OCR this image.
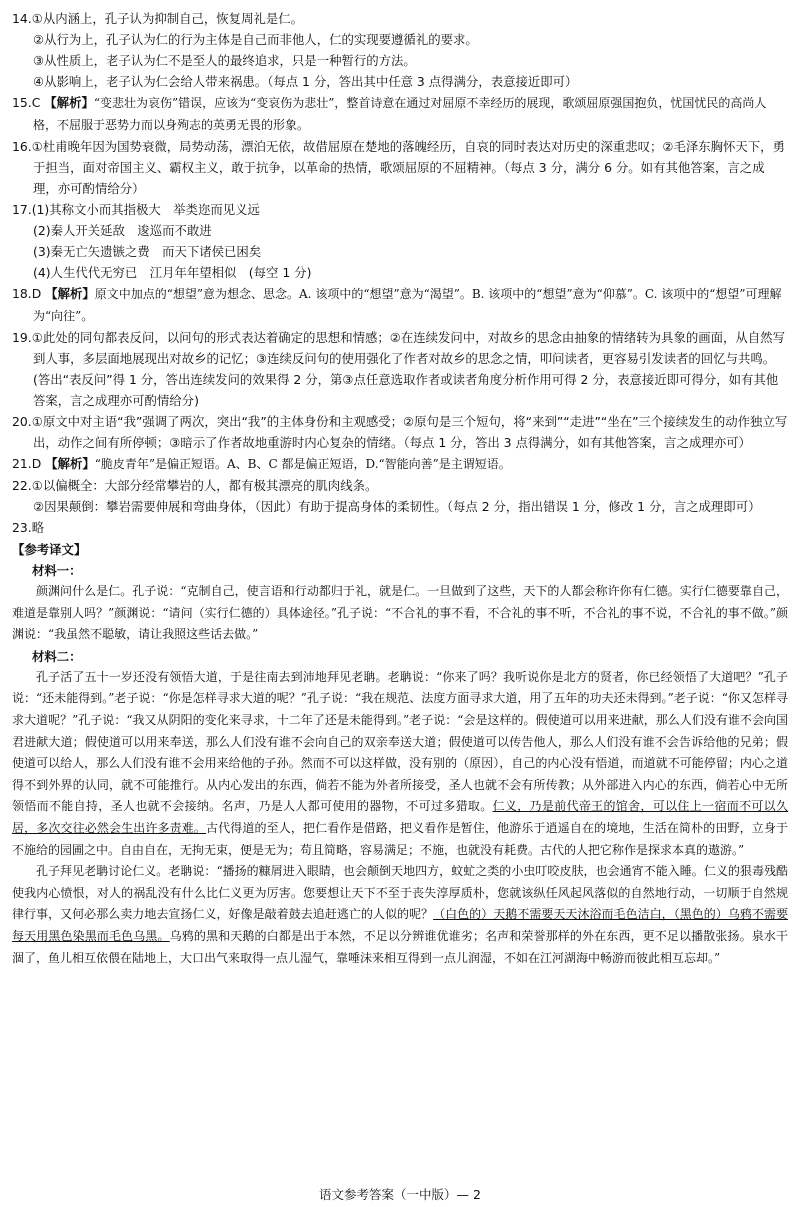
14.①从内涵上，孔子认为抑制自己，恢复周礼是仁。

②从行为上，孔子认为仁的行为主体是自己而非他人，仁的实现要遵循礼的要求。

③从性质上，老子认为仁不是至人的最终追求，只是一种暂行的方法。

④从影响上，老子认为仁会给人带来祸患。（每点 1 分，答出其中任意 3 点得满分，表意接近即可）

15.C 【解析】“变悲壮为哀伤”错误，应该为“变哀伤为悲壮”，整首诗意在通过对屈原不幸经历的展现，歌颂屈原强国抱负，忧国忧民的高尚人格，不屈服于恶势力而以身殉志的英勇无畏的形象。

16.①杜甫晚年因为国势衰微，局势动荡，漂泊无依，故借屈原在楚地的落魄经历，自哀的同时表达对历史的深重悲叹；②毛泽东胸怀天下，勇于担当，面对帝国主义、霸权主义，敢于抗争，以革命的热情，歌颂屈原的不屈精神。（每点 3 分，满分 6 分。如有其他答案，言之成理，亦可酌情给分）

17.(1)其称文小而其指极大　举类迩而见义远

(2)秦人开关延敌　逡巡而不敢进

(3)秦无亡矢遗镞之费　而天下诸侯已困矣

(4)人生代代无穷已　江月年年望相似　(每空 1 分)

18.D 【解析】原文中加点的“想望”意为想念、思念。A. 该项中的“想望”意为“渴望”。B. 该项中的“想望”意为“仰慕”。C. 该项中的“想望”可理解为“向往”。

19.①此处的同句都表反问，以问句的形式表达着确定的思想和情感；②在连续发问中，对故乡的思念由抽象的情绪转为具象的画面，从自然写到人事，多层面地展现出对故乡的记忆；③连续反问句的使用强化了作者对故乡的思念之情，叩问读者，更容易引发读者的回忆与共鸣。(答出“表反问”得 1 分，答出连续发问的效果得 2 分，第③点任意选取作者或读者角度分析作用可得 2 分，表意接近即可得分，如有其他答案，言之成理亦可酌情给分)

20.①原文中对主语“我”强调了两次，突出“我”的主体身份和主观感受；②原句是三个短句，将“来到”“走进”“坐在”三个接续发生的动作独立写出，动作之间有所停顿；③暗示了作者故地重游时内心复杂的情绪。（每点 1 分，答出 3 点得满分，如有其他答案，言之成理亦可）

21.D 【解析】“脆皮青年”是偏正短语。A、B、C 都是偏正短语，D.“智能向善”是主谓短语。

22.①以偏概全：大部分经常攀岩的人，都有极其漂亮的肌肉线条。

②因果颠倒：攀岩需要伸展和弯曲身体，（因此）有助于提高身体的柔韧性。（每点 2 分，指出错误 1 分，修改 1 分，言之成理即可）

23.略

【参考译文】

材料一：

颜渊问什么是仁。孔子说：“克制自己，使言语和行动都归于礼，就是仁。一旦做到了这些，天下的人都会称许你有仁德。实行仁德要靠自己，难道是靠别人吗？”颜渊说：“请问（实行仁德的）具体途径。”孔子说：“不合礼的事不看，不合礼的事不听，不合礼的事不说，不合礼的事不做。”颜渊说：“我虽然不聪敏，请让我照这些话去做。”

材料二：

孔子活了五十一岁还没有领悟大道，于是往南去到沛地拜见老聃。老聃说：“你来了吗？我听说你是北方的贤者，你已经领悟了大道吧？”孔子说：“还未能得到。”老子说：“你是怎样寻求大道的呢？”孔子说：“我在规范、法度方面寻求大道，用了五年的功夫还未得到。”老子说：“你又怎样寻求大道呢？”孔子说：“我又从阴阳的变化来寻求，十二年了还是未能得到。”老子说：“会是这样的。假使道可以用来进献，那么人们没有谁不会向国君进献大道；假使道可以用来奉送，那么人们没有谁不会向自己的双亲奉送大道；假使道可以传告他人，那么人们没有谁不会告诉给他的兄弟；假使道可以给人，那么人们没有谁不会用来给他的子孙。然而不可以这样做，没有别的（原因），自己的内心没有悟道，而道就不可能停留；内心之道得不到外界的认同，就不可能推行。从内心发出的东西，倘若不能为外者所接受，圣人也就不会有所传教；从外部进入内心的东西，倘若心中无所领悟而不能自持，圣人也就不会接纳。名声，乃是人人都可使用的器物，不可过多猎取。仁义，乃是前代帝王的馆舍，可以住上一宿而不可以久居，多次交往必然会生出许多责难。古代得道的至人，把仁看作是借路，把义看作是暂住，他游乐于逍遥自在的境地，生活在简朴的田野，立身于不施给的园圃之中。自由自在，无拘无束，便是无为；苟且简略，容易满足；不施，也就没有耗费。古代的人把它称作是探求本真的遨游。”

孔子拜见老聃讨论仁义。老聃说：“播扬的糠屑进入眼睛，也会颠倒天地四方，蚊虻之类的小虫叮咬皮肤，也会通宵不能入睡。仁义的狠毒残酷使我内心愤恨，对人的祸乱没有什么比仁义更为厉害。您要想让天下不至于丧失淳厚质朴，您就该纵任风起风落似的自然地行动，一切顺于自然规律行事，又何必那么卖力地去宣扬仁义，好像是敲着鼓去追赶逃亡的人似的呢？（白色的）天鹅不需要天天沐浴而毛色洁白，（黑色的）乌鸦不需要每天用黑色染黑而毛色乌黑。乌鸦的黑和天鹅的白都是出于本然，不足以分辨谁优谁劣；名声和荣誉那样的外在东西，更不足以播散张扬。泉水干涸了，鱼儿相互依偎在陆地上，大口出气来取得一点儿湿气，靠唾沫来相互得到一点儿润湿，不如在江河湖海中畅游而彼此相互忘却。”

语文参考答案（一中版）— 2
